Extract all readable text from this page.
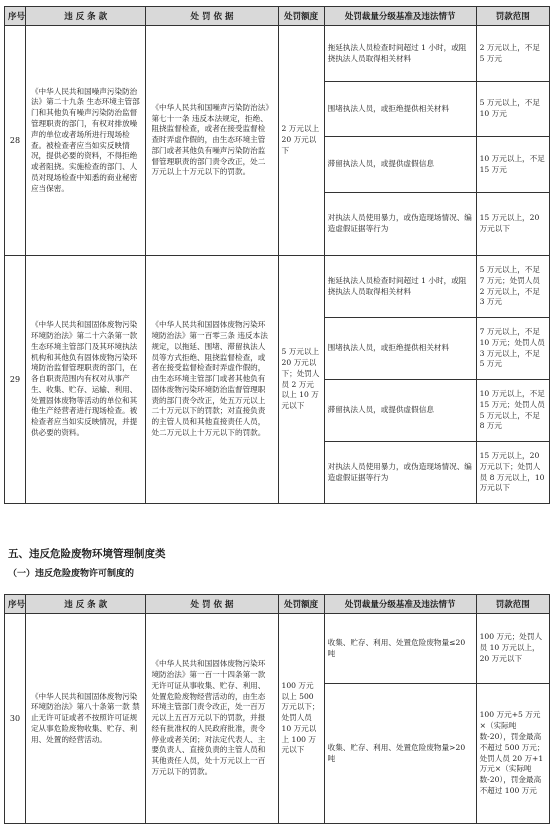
序号	违 反 条 款	处 罚 依 据	处罚额度	处罚裁量分级基准及违法情节	罚款范围
28	《中华人民共和国噪声污染防治法》第二十九条 生态环境主管部门和其他负有噪声污染防治监督管理职责的部门，有权对排放噪声的单位或者场所进行现场检查。被检查者应当如实反映情况，提供必要的资料，不得拒绝或者阻挠。实施检查的部门、人员对现场检查中知悉的商业秘密应当保密。	《中华人民共和国噪声污染防治法》第七十一条 违反本法规定，拒绝、阻挠监督检查，或者在接受监督检查时弄虚作假的，由生态环境主管部门或者其他负有噪声污染防治监督管理职责的部门责令改正，处二万元以上十万元以下的罚款。	2 万元以上 20 万元以下	拖延执法人员检查时间超过 1 小时，或阻挠执法人员取得相关材料	2 万元以上，不足 5 万元
				围堵执法人员，或拒绝提供相关材料	5 万元以上，不足 10 万元
				滞留执法人员，或提供虚假信息	10 万元以上，不足 15 万元
				对执法人员使用暴力，或伪造现场情况、编造虚假证据等行为	15 万元以上，20 万元以下
29	《中华人民共和国固体废物污染环境防治法》第二十六条第一款 生态环境主管部门及其环境执法机构和其他负有固体废物污染环境防治监督管理职责的部门，在各自职责范围内有权对从事产生、收集、贮存、运输、利用、处置固体废物等活动的单位和其他生产经营者进行现场检查。被检查者应当如实反映情况，并提供必要的资料。	《中华人民共和国固体废物污染环境防治法》第一百零三条 违反本法规定，以拖延、围堵、滞留执法人员等方式拒绝、阻挠监督检查，或者在接受监督检查时弄虚作假的，由生态环境主管部门或者其他负有固体废物污染环境防治监督管理职责的部门责令改正，处五万元以上二十万元以下的罚款；对直接负责的主管人员和其他直接责任人员，处二万元以上十万元以下的罚款。	5 万元以上 20 万元以下；处罚人员 2 万元以上 10 万元以下	拖延执法人员检查时间超过 1 小时，或阻挠执法人员取得相关材料	5 万元以上，不足 7 万元；处罚人员 2 万元以上，不足 3 万元
				围堵执法人员，或拒绝提供相关材料	7 万元以上，不足 10 万元；处罚人员 3 万元以上，不足 5 万元
				滞留执法人员，或提供虚假信息	10 万元以上，不足 15 万元；处罚人员 5 万元以上，不足 8 万元
				对执法人员使用暴力，或伪造现场情况、编造虚假证据等行为	15 万元以上，20 万元以下；处罚人员 8 万元以上，10 万元以下
五、违反危险废物环境管理制度类
（一）违反危险废物许可制度的
序号	违 反 条 款	处 罚 依 据	处罚额度	处罚裁量分级基准及违法情节	罚款范围
30	《中华人民共和国固体废物污染环境防治法》第八十条第一款 禁止无许可证或者不按照许可证规定从事危险废物收集、贮存、利用、处置的经营活动。	《中华人民共和国固体废物污染环境防治法》第一百一十四条第一款 无许可证从事收集、贮存、利用、处置危险废物经营活动的，由生态环境主管部门责令改正，处一百万元以上五百万元以下的罚款，并报经有批准权的人民政府批准，责令停业或者关闭；对法定代表人、主要负责人、直接负责的主管人员和其他责任人员，处十万元以上一百万元以下的罚款。	100 万元以上 500 万元以下；处罚人员 10 万元以上 100 万元以下	收集、贮存、利用、处置危险废物量≤20 吨	100 万元；处罚人员 10 万元以上，20 万元以下
				收集、贮存、利用、处置危险废物量>20 吨	100 万元+5 万元×（实际吨数-20），罚金最高不超过 500 万元；处罚人员 20 万+1 万元×（实际吨数-20），罚金最高不超过 100 万元
